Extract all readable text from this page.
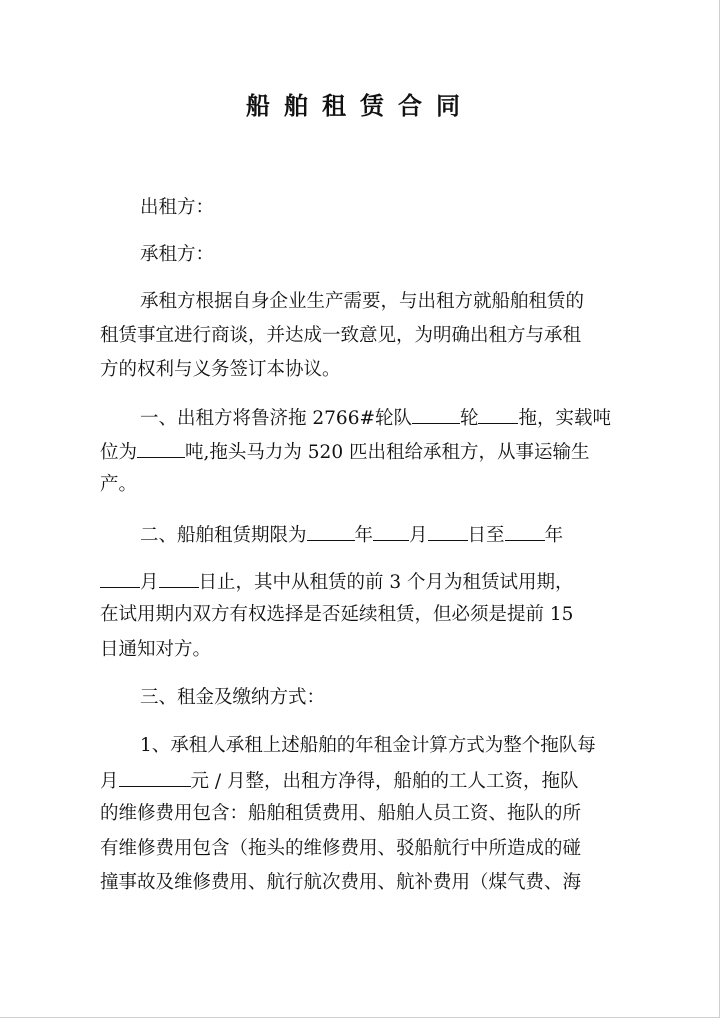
船舶租赁合同
出租方：
承租方：
承租方根据自身企业生产需要，与出租方就船舶租赁的
租赁事宜进行商谈，并达成一致意见，为明确出租方与承租
方的权利与义务签订本协议。
一、出租方将鲁济拖 2766#轮队	轮 拖，实载吨
位为	吨,拖头马力为 520 匹出租给承租方，从事运输生
产。
二、船舶租赁期限为	年 月 日至 年
月 日止，其中从租赁的前 3 个月为租赁试用期，
在试用期内双方有权选择是否延续租赁，但必须是提前 15
日通知对方。
三、租金及缴纳方式：
1、承租人承租上述船舶的年租金计算方式为整个拖队每
月	元 / 月整，出租方净得，船舶的工人工资，拖队
的维修费用包含：船舶租赁费用、船舶人员工资、拖队的所
有维修费用包含（拖头的维修费用、驳船航行中所造成的碰
撞事故及维修费用、航行航次费用、航补费用（煤气费、海
